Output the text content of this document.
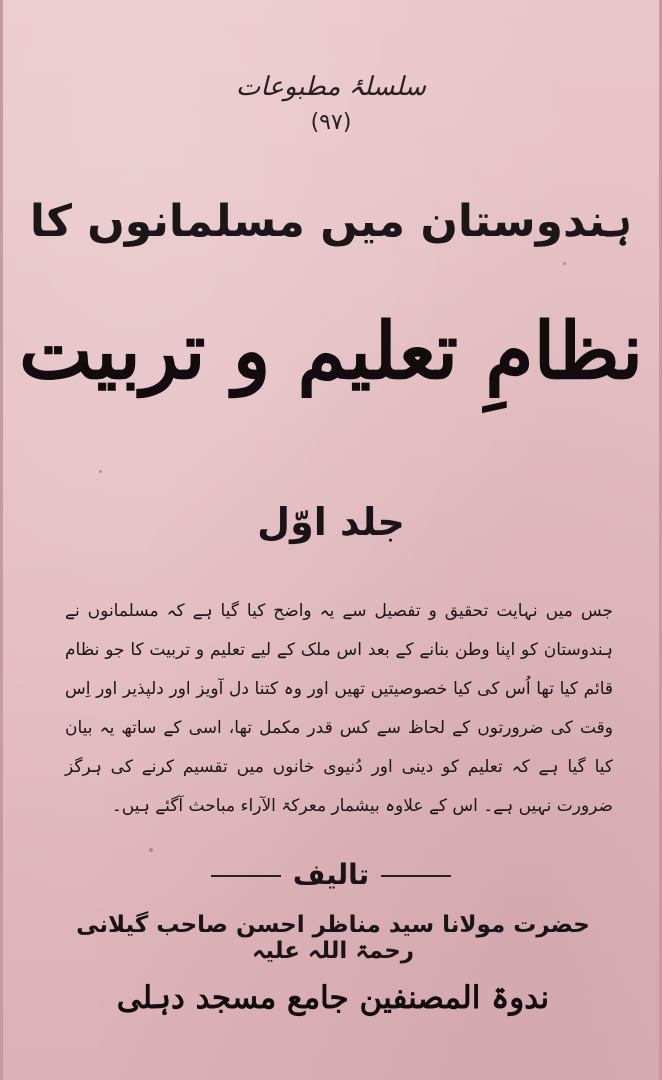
سلسلۂ مطبوعات
(۹۷)
ہندوستان میں مسلمانوں کا
نظامِ تعلیم و تربیت
جلد اوّل
جس میں نہایت تحقیق و تفصیل سے یہ واضح کیا گیا ہے کہ مسلمانوں نے ہندوستان کو اپنا وطن بنانے کے بعد اس ملک کے لیے تعلیم و تربیت کا جو نظام قائم کیا تھا اُس کی کیا خصوصیتیں تھیں اور وہ کتنا دل آویز اور دلپذیر اور اِس وقت کی ضرورتوں کے لحاظ سے کس قدر مکمل تھا، اسی کے ساتھ یہ بیان کیا گیا ہے کہ تعلیم کو دینی اور دُنیوی خانوں میں تقسیم کرنے کی ہرگز ضرورت نہیں ہے۔ اس کے علاوہ بیشمار معرکۃ الآراء مباحث آگئے ہیں۔
تالیف
حضرت مولانا سید مناظر احسن صاحب گیلانی رحمۃ اللہ علیہ
ندوۃ المصنفین جامع مسجد دہلی
